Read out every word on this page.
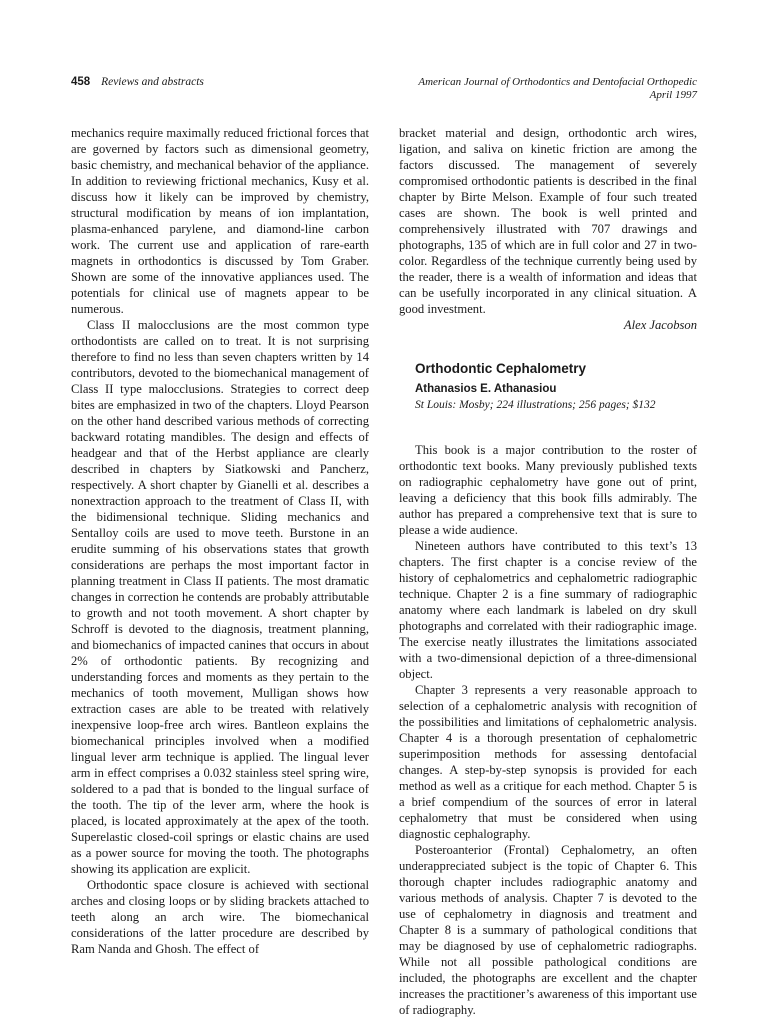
458 Reviews and abstracts	American Journal of Orthodontics and Dentofacial Orthopedic
April 1997

mechanics require maximally reduced frictional forces that are governed by factors such as dimensional geometry, basic chemistry, and mechanical behavior of the appliance. In addition to reviewing frictional mechanics, Kusy et al. discuss how it likely can be improved by chemistry, structural modification by means of ion implantation, plasma-enhanced parylene, and diamond-line carbon work. The current use and application of rare-earth magnets in orthodontics is discussed by Tom Graber. Shown are some of the innovative appliances used. The potentials for clinical use of magnets appear to be numerous.

Class II malocclusions are the most common type orthodontists are called on to treat. It is not surprising therefore to find no less than seven chapters written by 14 contributors, devoted to the biomechanical management of Class II type malocclusions. Strategies to correct deep bites are emphasized in two of the chapters. Lloyd Pearson on the other hand described various methods of correcting backward rotating mandibles. The design and effects of headgear and that of the Herbst appliance are clearly described in chapters by Siatkowski and Pancherz, respectively. A short chapter by Gianelli et al. describes a nonextraction approach to the treatment of Class II, with the bidimensional technique. Sliding mechanics and Sentalloy coils are used to move teeth. Burstone in an erudite summing of his observations states that growth considerations are perhaps the most important factor in planning treatment in Class II patients. The most dramatic changes in correction he contends are probably attributable to growth and not tooth movement. A short chapter by Schroff is devoted to the diagnosis, treatment planning, and biomechanics of impacted canines that occurs in about 2% of orthodontic patients. By recognizing and understanding forces and moments as they pertain to the mechanics of tooth movement, Mulligan shows how extraction cases are able to be treated with relatively inexpensive loop-free arch wires. Bantleon explains the biomechanical principles involved when a modified lingual lever arm technique is applied. The lingual lever arm in effect comprises a 0.032 stainless steel spring wire, soldered to a pad that is bonded to the lingual surface of the tooth. The tip of the lever arm, where the hook is placed, is located approximately at the apex of the tooth. Superelastic closed-coil springs or elastic chains are used as a power source for moving the tooth. The photographs showing its application are explicit.

Orthodontic space closure is achieved with sectional arches and closing loops or by sliding brackets attached to teeth along an arch wire. The biomechanical considerations of the latter procedure are described by Ram Nanda and Ghosh. The effect of

bracket material and design, orthodontic arch wires, ligation, and saliva on kinetic friction are among the factors discussed. The management of severely compromised orthodontic patients is described in the final chapter by Birte Melson. Example of four such treated cases are shown. The book is well printed and comprehensively illustrated with 707 drawings and photographs, 135 of which are in full color and 27 in two-color. Regardless of the technique currently being used by the reader, there is a wealth of information and ideas that can be usefully incorporated in any clinical situation. A good investment.

Alex Jacobson

Orthodontic Cephalometry
Athanasios E. Athanasiou
St Louis: Mosby; 224 illustrations; 256 pages; $132

This book is a major contribution to the roster of orthodontic text books. Many previously published texts on radiographic cephalometry have gone out of print, leaving a deficiency that this book fills admirably. The author has prepared a comprehensive text that is sure to please a wide audience.

Nineteen authors have contributed to this text’s 13 chapters. The first chapter is a concise review of the history of cephalometrics and cephalometric radiographic technique. Chapter 2 is a fine summary of radiographic anatomy where each landmark is labeled on dry skull photographs and correlated with their radiographic image. The exercise neatly illustrates the limitations associated with a two-dimensional depiction of a three-dimensional object.

Chapter 3 represents a very reasonable approach to selection of a cephalometric analysis with recognition of the possibilities and limitations of cephalometric analysis. Chapter 4 is a thorough presentation of cephalometric superimposition methods for assessing dentofacial changes. A step-by-step synopsis is provided for each method as well as a critique for each method. Chapter 5 is a brief compendium of the sources of error in lateral cephalometry that must be considered when using diagnostic cephalography.

Posteroanterior (Frontal) Cephalometry, an often underappreciated subject is the topic of Chapter 6. This thorough chapter includes radiographic anatomy and various methods of analysis. Chapter 7 is devoted to the use of cephalometry in diagnosis and treatment and Chapter 8 is a summary of pathological conditions that may be diagnosed by use of cephalometric radiographs. While not all possible pathological conditions are included, the photographs are excellent and the chapter increases the practitioner’s awareness of this important use of radiography.
